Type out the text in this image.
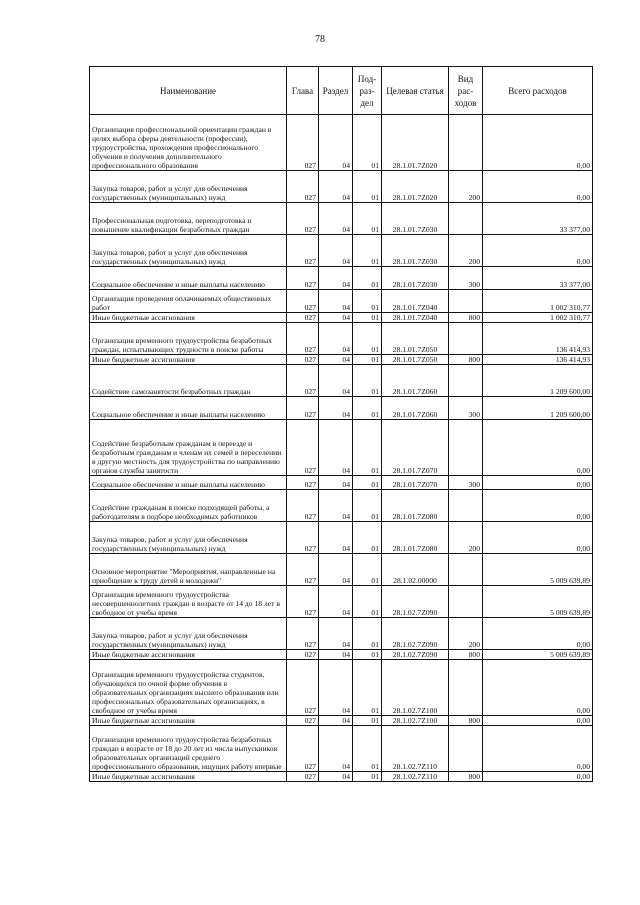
78
Наименование	Глава	Раздел	Под-раз-дел	Целевая статья	Вид рас-ходов	Всего расходов
Организация профессиональной ориентации граждан в целях выбора сферы деятельности (профессии), трудоустройства, прохождения профессионального обучения и получения дополнительного профессионального образования	027	04	01	28.1.01.7Z020		0,00
Закупка товаров, работ и услуг для обеспечения государственных (муниципальных) нужд	027	04	01	28.1.01.7Z020	200	0,00
Профессиональная подготовка, переподготовка и повышение квалификации безработных граждан	027	04	01	28.1.01.7Z030		33 377,00
Закупка товаров, работ и услуг для обеспечения государственных (муниципальных) нужд	027	04	01	28.1.01.7Z030	200	0,00
Социальное обеспечение и иные выплаты населению	027	04	01	28.1.01.7Z030	300	33 377,00
Организация проведения оплачиваемых общественных работ	027	04	01	28.1.01.7Z040		1 002 310,77
Иные бюджетные ассигнования	027	04	01	28.1.01.7Z040	800	1 002 310,77
Организация временного трудоустройства безработных граждан, испытывающих трудности в поиске работы	027	04	01	28.1.01.7Z050		136 414,93
Иные бюджетные ассигнования	027	04	01	28.1.01.7Z050	800	136 414,93
Содействие самозанятости безработных граждан	027	04	01	28.1.01.7Z060		1 209 600,00
Социальное обеспечение и иные выплаты населению	027	04	01	28.1.01.7Z060	300	1 209 600,00
Содействие безработным гражданам в переезде и безработным гражданам и членам их семей в переселении в другую местность для трудоустройства по направлению органов службы занятости	027	04	01	28.1.01.7Z070		0,00
Социальное обеспечение и иные выплаты населению	027	04	01	28.1.01.7Z070	300	0,00
Содействие гражданам в поиске подходящей работы, а работодателям в подборе необходимых работников	027	04	01	28.1.01.7Z080		0,00
Закупка товаров, работ и услуг для обеспечения государственных (муниципальных) нужд	027	04	01	28.1.01.7Z080	200	0,00
Основное мероприятие "Мероприятия, направленные на приобщение к труду детей и молодежи"	027	04	01	28.1.02.00000		5 009 639,89
Организация временного трудоустройства несовершеннолетних граждан в возрасте от 14 до 18 лет в свободное от учебы время	027	04	01	28.1.02.7Z090		5 009 639,89
Закупка товаров, работ и услуг для обеспечения государственных (муниципальных) нужд	027	04	01	28.1.02.7Z090	200	0,00
Иные бюджетные ассигнования	027	04	01	28.1.02.7Z090	800	5 009 639,89
Организация временного трудоустройства студентов, обучающихся по очной форме обучения в образовательных организациях высшего образования или профессиональных образовательных организациях, в свободное от учебы время	027	04	01	28.1.02.7Z100		0,00
Иные бюджетные ассигнования	027	04	01	28.1.02.7Z100	800	0,00
Организация временного трудоустройства безработных граждан в возрасте от 18 до 20 лет из числа выпускников образовательных организаций среднего профессионального образования, ищущих работу впервые	027	04	01	28.1.02.7Z110		0,00
Иные бюджетные ассигнования	027	04	01	28.1.02.7Z110	800	0,00
